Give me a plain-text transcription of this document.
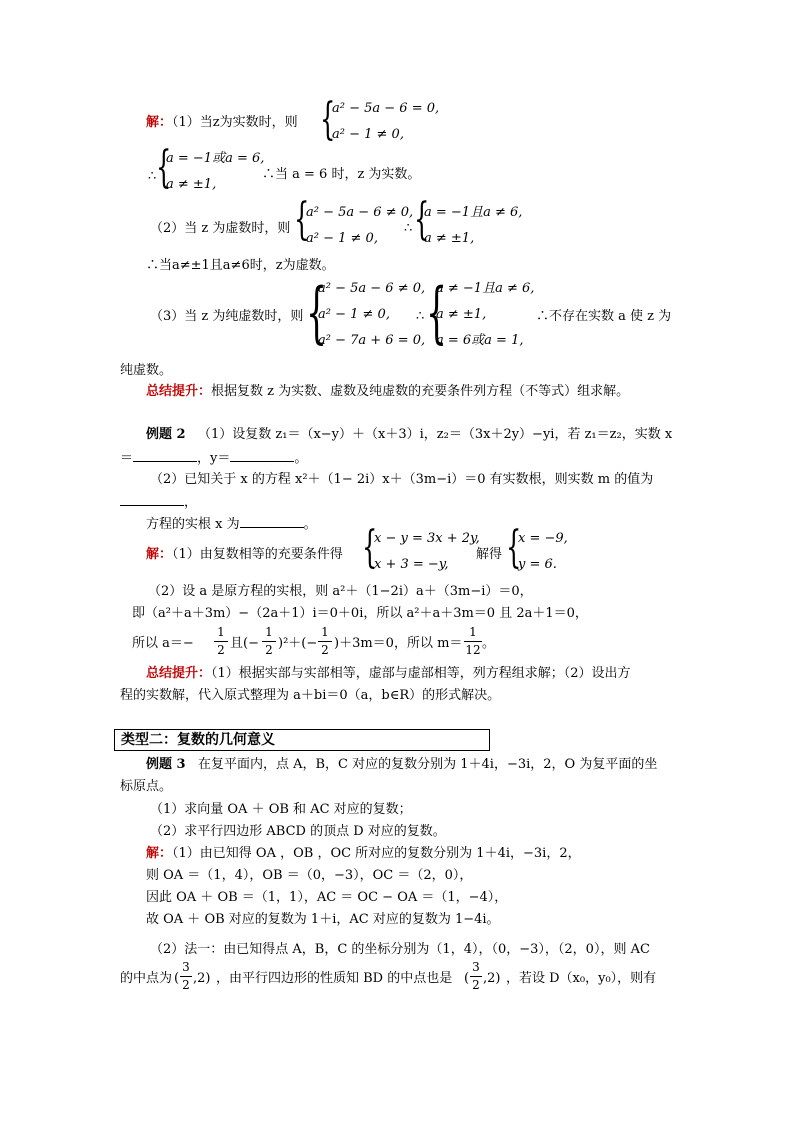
解：（1）当z为实数时，则 {
a² − 5a − 6 = 0,
a² − 1 ≠ 0,
∴ {
a = −1或a = 6,
a ≠ ±1,
∴当 a = 6 时，z 为实数。
（2）当 z 为虚数时，则 {
a² − 5a − 6 ≠ 0,
a² − 1 ≠ 0,
∴ {
a = −1且a ≠ 6,
a ≠ ±1,
∴当a≠±1且a≠6时，z为虚数。
（3）当 z 为纯虚数时，则 {
a² − 5a − 6 ≠ 0,
a² − 1 ≠ 0,
a² − 7a + 6 = 0,
∴ {
a ≠ −1且a ≠ 6,
a ≠ ±1,
a = 6或a = 1,
∴不存在实数 a 使 z 为
纯虚数。
总结提升：根据复数 z 为实数、虚数及纯虚数的充要条件列方程（不等式）组求解。
例题 2 （1）设复数 z₁＝（x−y）＋（x＋3）i，z₂＝（3x＋2y）−yi，若 z₁＝z₂，实数 x
＝	，y＝	。
（2）已知关于 x 的方程 x²＋（1− 2i）x＋（3m−i）＝0 有实数根，则实数 m 的值为
，
方程的实根 x 为	。
解：（1）由复数相等的充要条件得 {
x − y = 3x + 2y,
x + 3 = −y,
解得 {
x = −9,
y = 6.
（2）设 a 是原方程的实根，则 a²＋（1−2i）a＋（3m−i）＝0，
即（a²＋a＋3m）−（2a＋1）i＝0＋0i，所以 a²＋a＋3m＝0 且 2a＋1＝0，
所以 a＝−
1
2 且(−
1
2 )²＋(−
1
2 )＋3m＝0，所以 m＝
1
12 。
总结提升：（1）根据实部与实部相等，虚部与虚部相等，列方程组求解；（2）设出方
程的实数解，代入原式整理为 a＋bi＝0（a，b∈R）的形式解决。
类型二：复数的几何意义
例题 3 在复平面内，点 A，B，C 对应的复数分别为 1＋4i，−3i，2，O 为复平面的坐
标原点。
（1）求向量 OA ＋ OB 和 AC 对应的复数；
（2）求平行四边形 ABCD 的顶点 D 对应的复数。
解：（1）由已知得 OA ，OB ，OC 所对应的复数分别为 1＋4i，−3i，2，
则 OA ＝（1，4），OB ＝（0，−3），OC ＝（2，0），
因此 OA ＋ OB ＝（1，1），AC ＝ OC − OA ＝（1，−4），
故 OA ＋ OB 对应的复数为 1＋i，AC 对应的复数为 1−4i。
（2）法一：由已知得点 A，B，C 的坐标分别为（1，4），（0，−3），（2，0），则 AC
的中点为 (
3
2 ,2) ，由平行四边形的性质知 BD 的中点也是 (
3
2 ,2) ，若设 D（x₀，y₀），则有
